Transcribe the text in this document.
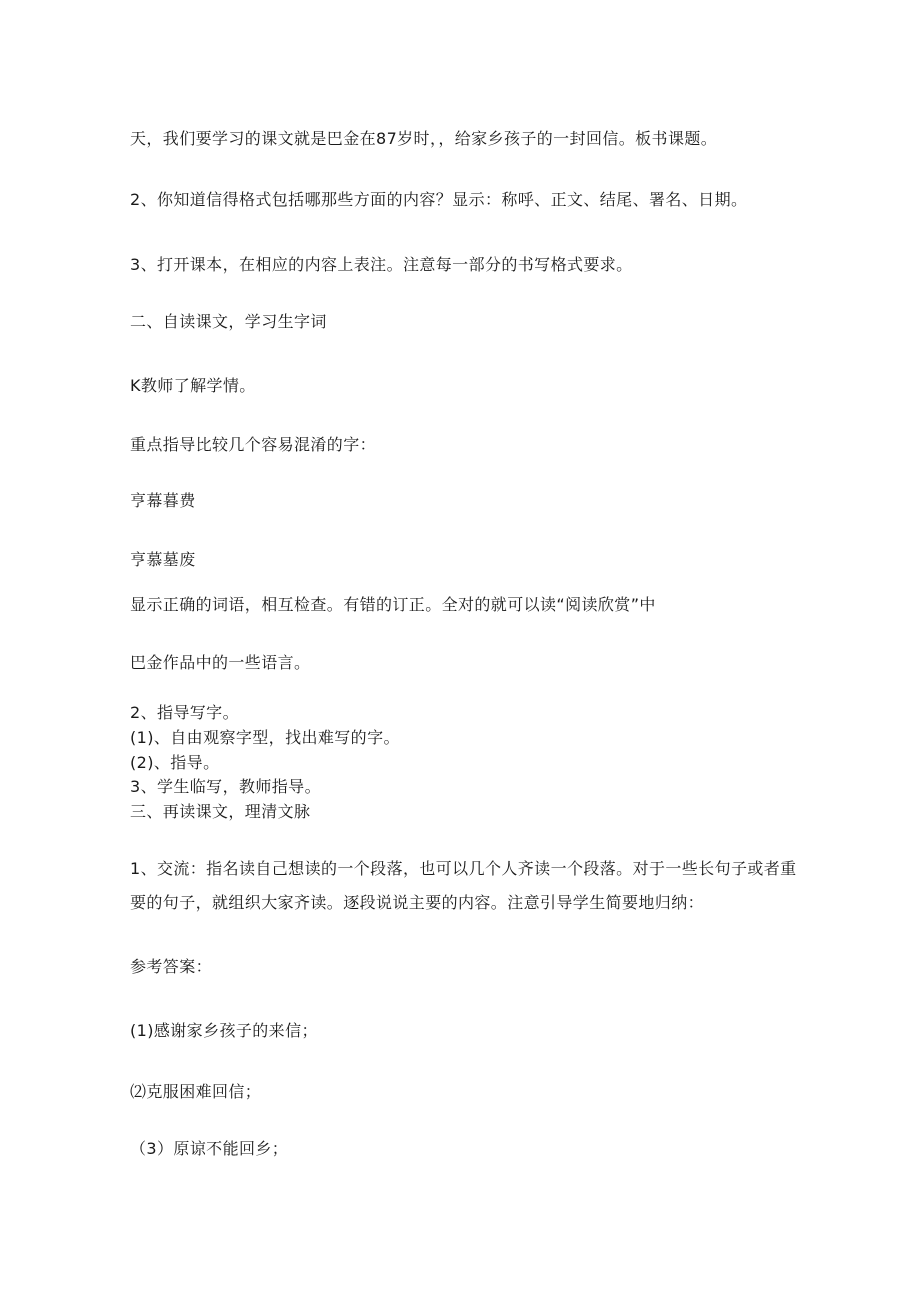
天，我们要学习的课文就是巴金在87岁时，，给家乡孩子的一封回信。板书课题。
2、你知道信得格式包括哪那些方面的内容？显示：称呼、正文、结尾、署名、日期。
3、打开课本，在相应的内容上表注。注意每一部分的书写格式要求。
二、自读课文，学习生字词
K教师了解学情。
重点指导比较几个容易混淆的字：
亨幕暮费
亨慕墓废
显示正确的词语，相互检查。有错的订正。全对的就可以读“阅读欣赏”中
巴金作品中的一些语言。
2、指导写字。
(1)、自由观察字型，找出难写的字。
(2)、指导。
3、学生临写，教师指导。
三、再读课文，理清文脉
1、交流：指名读自己想读的一个段落，也可以几个人齐读一个段落。对于一些长句子或者重
要的句子，就组织大家齐读。逐段说说主要的内容。注意引导学生简要地归纳：
参考答案：
(1)感谢家乡孩子的来信；
⑵克服困难回信；
（3）原谅不能回乡；
